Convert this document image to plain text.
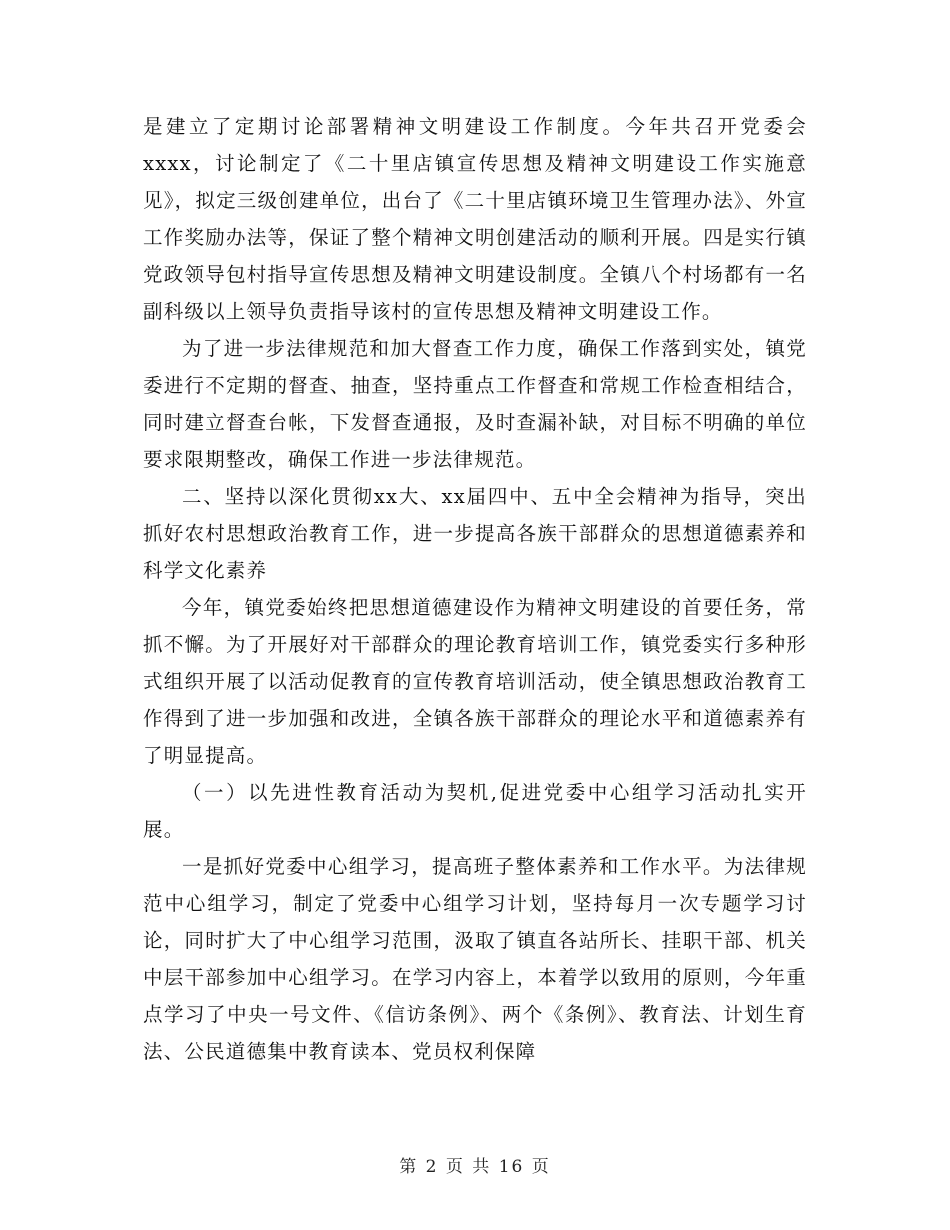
是建立了定期讨论部署精神文明建设工作制度。今年共召开党委会xxxx，讨论制定了《二十里店镇宣传思想及精神文明建设工作实施意见》，拟定三级创建单位，出台了《二十里店镇环境卫生管理办法》、外宣工作奖励办法等，保证了整个精神文明创建活动的顺利开展。四是实行镇党政领导包村指导宣传思想及精神文明建设制度。全镇八个村场都有一名副科级以上领导负责指导该村的宣传思想及精神文明建设工作。

为了进一步法律规范和加大督查工作力度，确保工作落到实处，镇党委进行不定期的督查、抽查，坚持重点工作督查和常规工作检查相结合，同时建立督查台帐，下发督查通报，及时查漏补缺，对目标不明确的单位要求限期整改，确保工作进一步法律规范。

二、坚持以深化贯彻xx大、xx届四中、五中全会精神为指导，突出抓好农村思想政治教育工作，进一步提高各族干部群众的思想道德素养和科学文化素养

今年，镇党委始终把思想道德建设作为精神文明建设的首要任务，常抓不懈。为了开展好对干部群众的理论教育培训工作，镇党委实行多种形式组织开展了以活动促教育的宣传教育培训活动，使全镇思想政治教育工作得到了进一步加强和改进，全镇各族干部群众的理论水平和道德素养有了明显提高。

（一）以先进性教育活动为契机,促进党委中心组学习活动扎实开展。

一是抓好党委中心组学习，提高班子整体素养和工作水平。为法律规范中心组学习，制定了党委中心组学习计划，坚持每月一次专题学习讨论，同时扩大了中心组学习范围，汲取了镇直各站所长、挂职干部、机关中层干部参加中心组学习。在学习内容上，本着学以致用的原则，今年重点学习了中央一号文件、《信访条例》、两个《条例》、教育法、计划生育法、公民道德集中教育读本、党员权利保障

第 2 页 共 16 页
